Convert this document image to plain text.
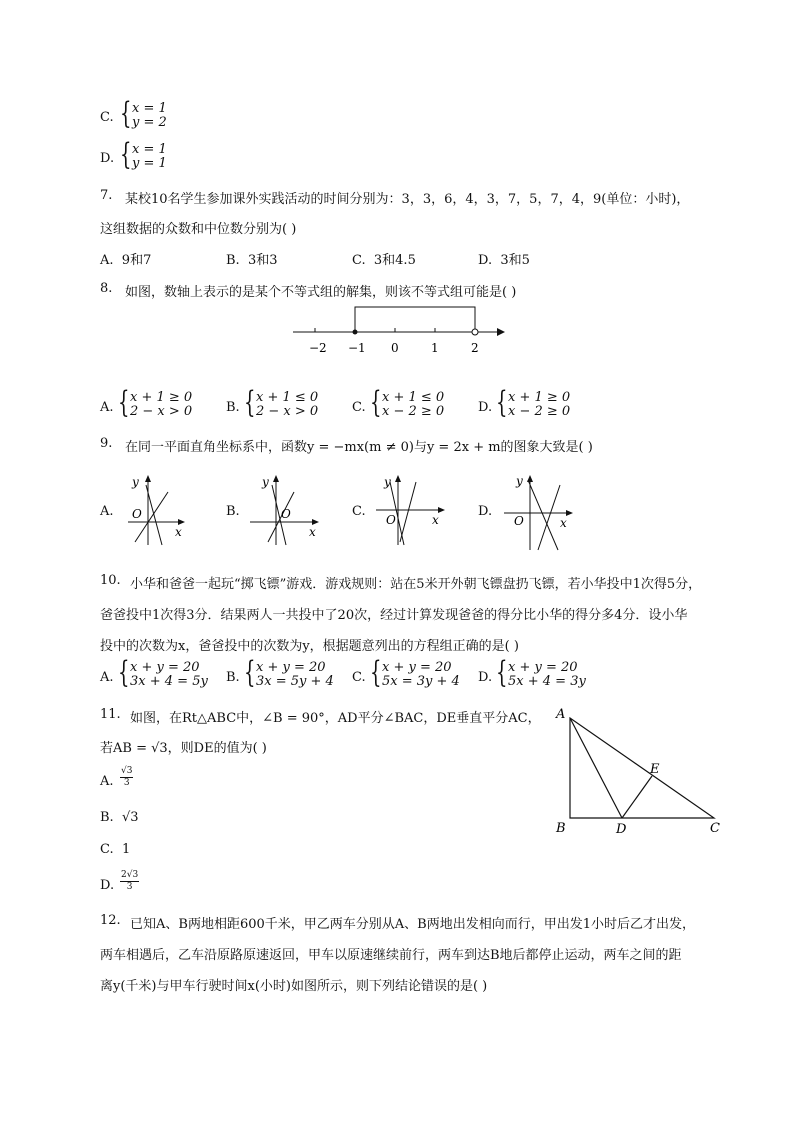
C. { x = 1
y = 2
D. { x = 1
y = 1
7. 某校10名学生参加课外实践活动的时间分别为：3，3，6，4，3，7，5，7，4，9(单位：小时)，
这组数据的众数和中位数分别为( )
A. 9和7	B. 3和3	C. 3和4.5	D. 3和5
8. 如图，数轴上表示的是某个不等式组的解集，则该不等式组可能是( )
−2 −1 0	1	2
A. { x + 1 ≥ 0
2 − x > 0	B. { x + 1 ≤ 0
2 − x > 0	C. { x + 1 ≤ 0
x − 2 ≥ 0	D. { x + 1 ≥ 0
x − 2 ≥ 0
9. 在同一平面直角坐标系中，函数y = −mx(m ≠ 0)与y = 2x + m的图象大致是( )
A.
y
x
O	B.
y
x
O	C.
y
x
O
D.
y
x
O
10. 小华和爸爸一起玩“掷飞镖”游戏．游戏规则：站在5米开外朝飞镖盘扔飞镖，若小华投中1次得5分，
爸爸投中1次得3分．结果两人一共投中了20次，经过计算发现爸爸的得分比小华的得分多4分．设小华
投中的次数为x，爸爸投中的次数为y，根据题意列出的方程组正确的是( )
A. { x + y = 20
3x + 4 = 5y B. { x + y = 20
3x = 5y + 4 C. { x + y = 20
5x = 3y + 4 D. { x + y = 20
5x + 4 = 3y
11. 如图，在Rt△ABC中，∠B = 90°，AD平分∠BAC，DE垂直平分AC，
若AB = √3，则DE的值为( )
A.
√3
3
B. √3
C. 1
D.
2√3
3
A
B	D	C
E
12. 已知A、B两地相距600千米，甲乙两车分别从A、B两地出发相向而行，甲出发1小时后乙才出发，
两车相遇后，乙车沿原路原速返回，甲车以原速继续前行，两车到达B地后都停止运动，两车之间的距
离y(千米)与甲车行驶时间x(小时)如图所示，则下列结论错误的是( )
